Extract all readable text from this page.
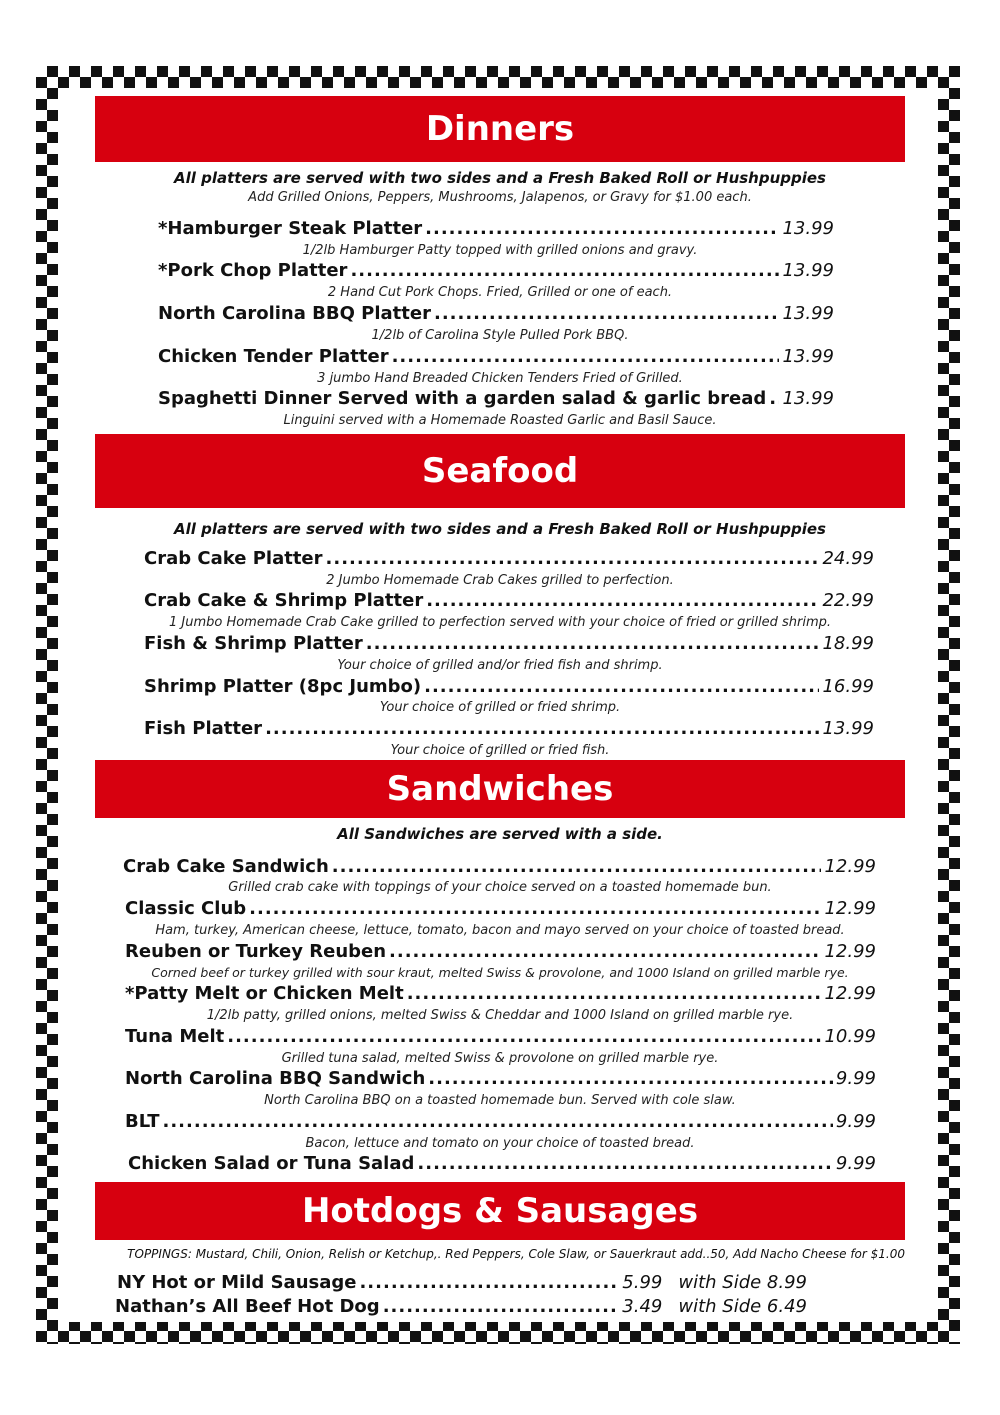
Dinners
All platters are served with two sides and a Fresh Baked Roll or Hushpuppies
Add Grilled Onions, Peppers, Mushrooms, Jalapenos, or Gravy for $1.00 each.
*Hamburger Steak Platter .....	13.99
1/2lb Hamburger Patty topped with grilled onions and gravy.
*Pork Chop Platter .....	13.99
2 Hand Cut Pork Chops. Fried, Grilled or one of each.
North Carolina BBQ Platter .....	13.99
1/2lb of Carolina Style Pulled Pork BBQ.
Chicken Tender Platter .....	13.99
3 jumbo Hand Breaded Chicken Tenders Fried of Grilled.
Spaghetti Dinner Served with a garden salad & garlic bread ..... 13.99
Linguini served with a Homemade Roasted Garlic and Basil Sauce.
Seafood
All platters are served with two sides and a Fresh Baked Roll or Hushpuppies
Crab Cake Platter .....	24.99
2 Jumbo Homemade Crab Cakes grilled to perfection.
Crab Cake & Shrimp Platter .....	22.99
1 Jumbo Homemade Crab Cake grilled to perfection served with your choice of fried or grilled shrimp.
Fish & Shrimp Platter .....	18.99
Your choice of grilled and/or fried fish and shrimp.
Shrimp Platter (8pc Jumbo) .....	16.99
Your choice of grilled or fried shrimp.
Fish Platter .....	13.99
Your choice of grilled or fried fish.
Sandwiches
All Sandwiches are served with a side.
Crab Cake Sandwich .....	12.99
Grilled crab cake with toppings of your choice served on a toasted homemade bun.
Classic Club .....	12.99
Ham, turkey, American cheese, lettuce, tomato, bacon and mayo served on your choice of toasted bread.
Reuben or Turkey Reuben .....	12.99
Corned beef or turkey grilled with sour kraut, melted Swiss & provolone, and 1000 Island on grilled marble rye.
*Patty Melt or Chicken Melt .....	12.99
1/2lb patty, grilled onions, melted Swiss & Cheddar and 1000 Island on grilled marble rye.
Tuna Melt .....	10.99
Grilled tuna salad, melted Swiss & provolone on grilled marble rye.
North Carolina BBQ Sandwich .....	9.99
North Carolina BBQ on a toasted homemade bun. Served with cole slaw.
BLT .....	9.99
Bacon, lettuce and tomato on your choice of toasted bread.
Chicken Salad or Tuna Salad .....	9.99
Hotdogs & Sausages
TOPPINGS: Mustard, Chili, Onion, Relish or Ketchup,. Red Peppers, Cole Slaw, or Sauerkraut add..50, Add Nacho Cheese for $1.00
NY Hot or Mild Sausage .....	5.99 with Side 8.99
Nathan’s All Beef Hot Dog .....	3.49 with Side 6.49
